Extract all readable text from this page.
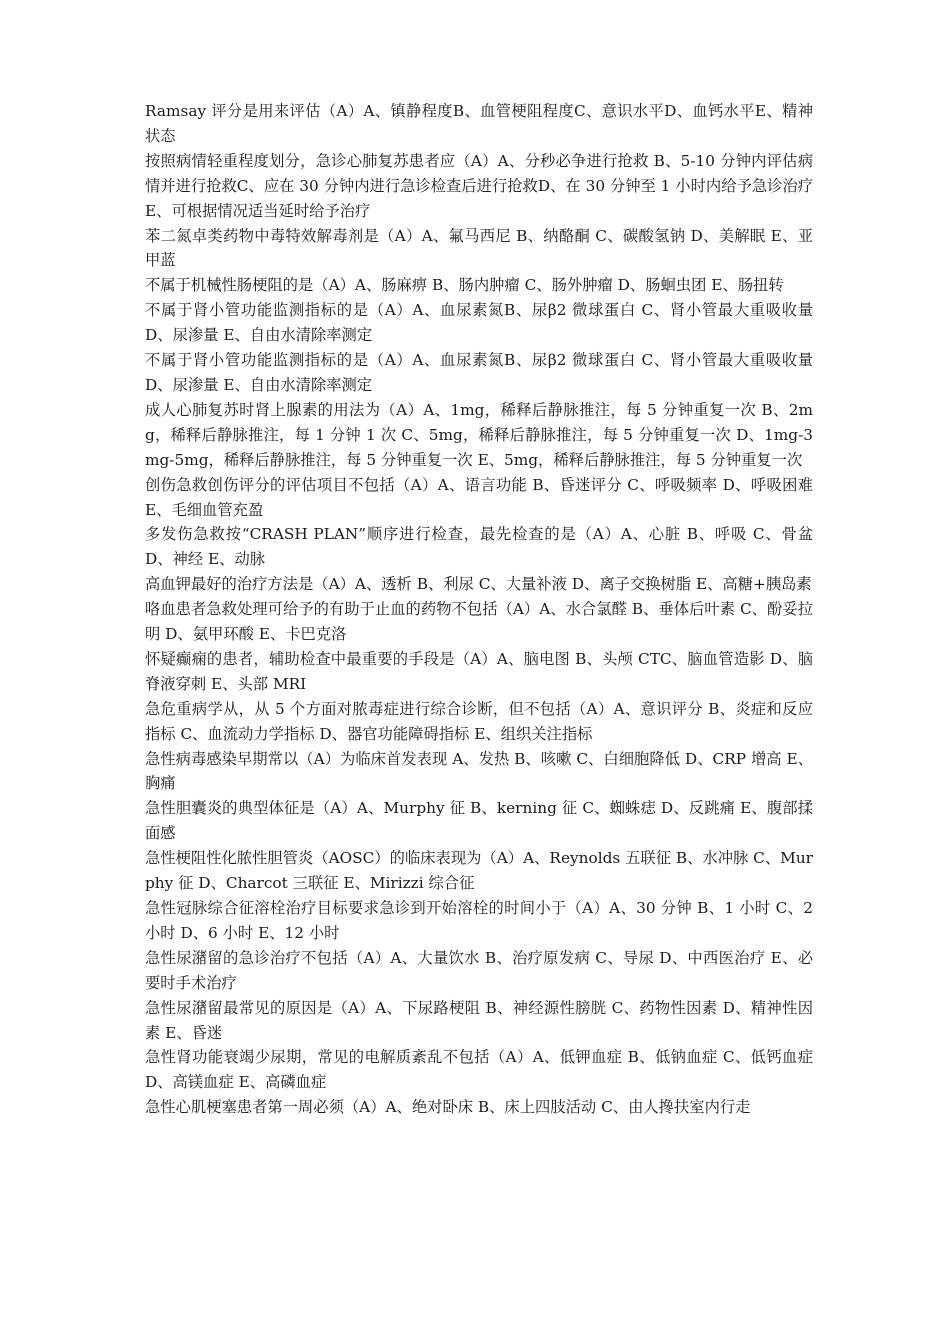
Ramsay 评分是用来评估（A）A、镇静程度B、血管梗阻程度C、意识水平D、血钙水平E、精神状态

按照病情轻重程度划分，急诊心肺复苏患者应（A）A、分秒必争进行抢救 B、5-10 分钟内评估病情并进行抢救C、应在 30 分钟内进行急诊检查后进行抢救D、在 30 分钟至 1 小时内给予急诊治疗 E、可根据情况适当延时给予治疗

苯二氮卓类药物中毒特效解毒剂是（A）A、氟马西尼 B、纳酪酮 C、碳酸氢钠 D、美解眠 E、亚甲蓝

不属于机械性肠梗阻的是（A）A、肠麻痹 B、肠内肿瘤 C、肠外肿瘤 D、肠蛔虫团 E、肠扭转

不属于肾小管功能监测指标的是（A）A、血尿素氮B、尿β2 微球蛋白 C、肾小管最大重吸收量 D、尿渗量 E、自由水清除率测定

不属于肾小管功能监测指标的是（A）A、血尿素氮B、尿β2 微球蛋白 C、肾小管最大重吸收量 D、尿渗量 E、自由水清除率测定

成人心肺复苏时肾上腺素的用法为（A）A、1mg，稀释后静脉推注，每 5 分钟重复一次 B、2mg，稀释后静脉推注，每 1 分钟 1 次 C、5mg，稀释后静脉推注，每 5 分钟重复一次 D、1mg-3mg-5mg，稀释后静脉推注，每 5 分钟重复一次 E、5mg，稀释后静脉推注，每 5 分钟重复一次

创伤急救创伤评分的评估项目不包括（A）A、语言功能 B、昏迷评分 C、呼吸频率 D、呼吸困难 E、毛细血管充盈

多发伤急救按“CRASH PLAN”顺序进行检查，最先检查的是（A）A、心脏 B、呼吸 C、骨盆 D、神经 E、动脉

高血钾最好的治疗方法是（A）A、透析 B、利尿 C、大量补液 D、离子交换树脂 E、高糖+胰岛素

咯血患者急救处理可给予的有助于止血的药物不包括（A）A、水合氯醛 B、垂体后叶素 C、酚妥拉明 D、氨甲环酸 E、卡巴克洛

怀疑癫痫的患者，辅助检查中最重要的手段是（A）A、脑电图 B、头颅 CTC、脑血管造影 D、脑脊液穿刺 E、头部 MRI

急危重病学从，从 5 个方面对脓毒症进行综合诊断，但不包括（A）A、意识评分 B、炎症和反应指标 C、血流动力学指标 D、器官功能障碍指标 E、组织关注指标

急性病毒感染早期常以（A）为临床首发表现 A、发热 B、咳嗽 C、白细胞降低 D、CRP 增高 E、胸痛

急性胆囊炎的典型体征是（A）A、Murphy 征 B、kerning 征 C、蜘蛛痣 D、反跳痛 E、腹部揉面感

急性梗阻性化脓性胆管炎（AOSC）的临床表现为（A）A、Reynolds 五联征 B、水冲脉 C、Murphy 征 D、Charcot 三联征 E、Mirizzi 综合征

急性冠脉综合征溶栓治疗目标要求急诊到开始溶栓的时间小于（A）A、30 分钟 B、1 小时 C、2 小时 D、6 小时 E、12 小时

急性尿潴留的急诊治疗不包括（A）A、大量饮水 B、治疗原发病 C、导尿 D、中西医治疗 E、必要时手术治疗

急性尿潴留最常见的原因是（A）A、下尿路梗阻 B、神经源性膀胱 C、药物性因素 D、精神性因素 E、昏迷

急性肾功能衰竭少尿期，常见的电解质紊乱不包括（A）A、低钾血症 B、低钠血症 C、低钙血症 D、高镁血症 E、高磷血症

急性心肌梗塞患者第一周必须（A）A、绝对卧床 B、床上四肢活动 C、由人搀扶室内行走
